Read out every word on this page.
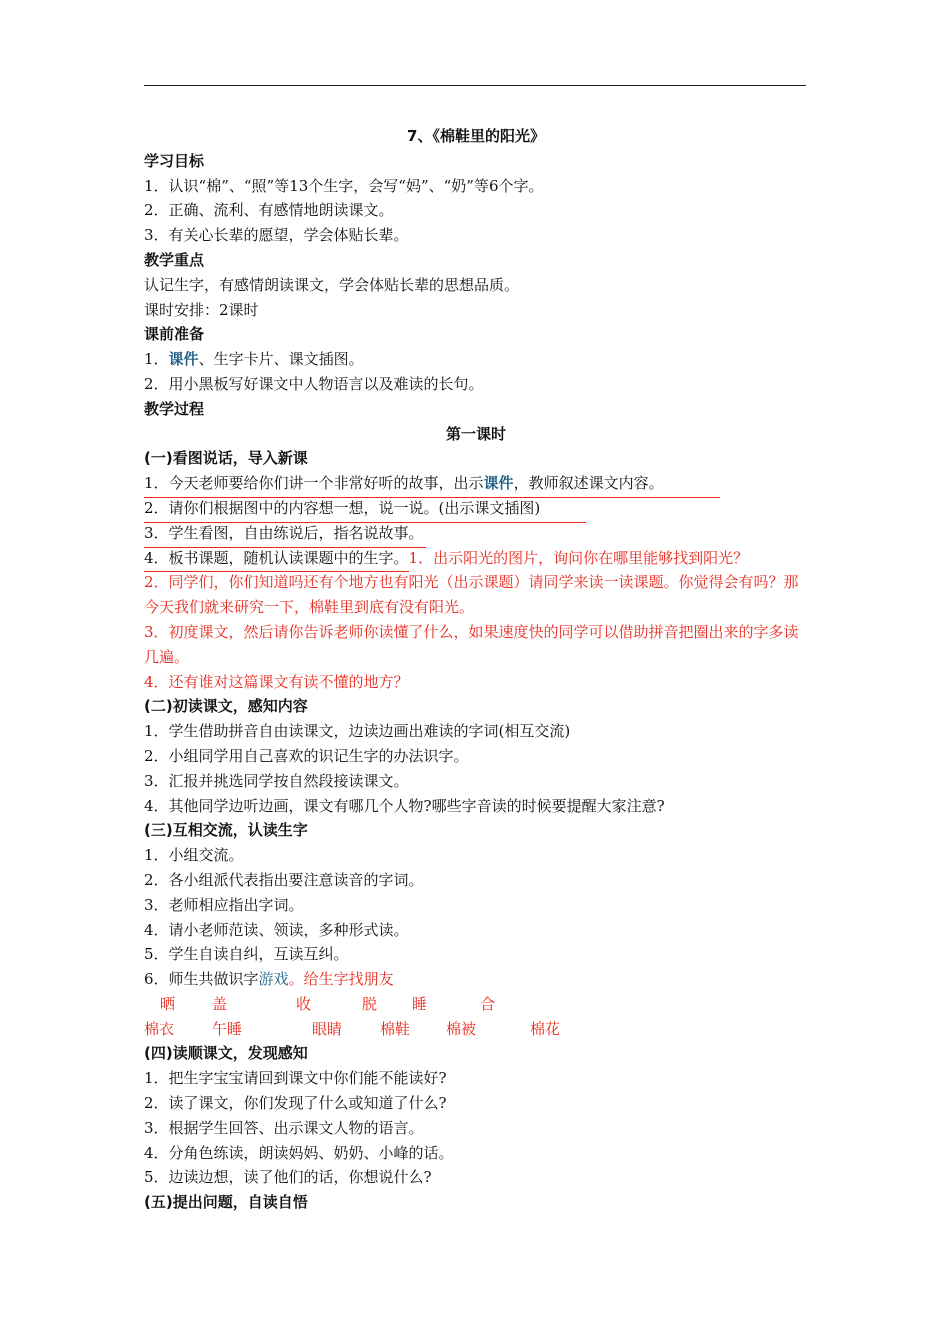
7、《棉鞋里的阳光》
学习目标
1．认识“棉”、“照”等13个生字，会写“妈”、“奶”等6个字。
2．正确、流利、有感情地朗读课文。
3．有关心长辈的愿望，学会体贴长辈。
教学重点
认记生字，有感情朗读课文，学会体贴长辈的思想品质。
课时安排：2课时
课前准备
1．课件、生字卡片、课文插图。
2．用小黑板写好课文中人物语言以及难读的长句。
教学过程
第一课时
(一)看图说话，导入新课
1．今天老师要给你们讲一个非常好听的故事，出示课件，教师叙述课文内容。
2．请你们根据图中的内容想一想，说一说。(出示课文插图)
3．学生看图，自由练说后，指名说故事。
4．板书课题，随机认读课题中的生字。1．出示阳光的图片，询问你在哪里能够找到阳光？
2．同学们，你们知道吗还有个地方也有阳光（出示课题）请同学来读一读课题。你觉得会有吗？那今天我们就来研究一下，棉鞋里到底有没有阳光。
3．初度课文，然后请你告诉老师你读懂了什么，如果速度快的同学可以借助拼音把圈出来的字多读几遍。
4．还有谁对这篇课文有读不懂的地方？
(二)初读课文，感知内容
1．学生借助拼音自由读课文，边读边画出难读的字词(相互交流)
2．小组同学用自己喜欢的识记生字的办法识字。
3．汇报并挑选同学按自然段接读课文。
4．其他同学边听边画，课文有哪几个人物?哪些字音读的时候要提醒大家注意?
(三)互相交流，认读生字
1．小组交流。
2．各小组派代表指出要注意读音的字词。
3．老师相应指出字词。
4．请小老师范读、领读，多种形式读。
5．学生自读自纠，互读互纠。
6．师生共做识字游戏。给生字找朋友
晒 盖	收	脱 睡	合
棉衣	午睡	眼睛	棉鞋 棉被	棉花
(四)读顺课文，发现感知
1．把生字宝宝请回到课文中你们能不能读好?
2．读了课文，你们发现了什么或知道了什么?
3．根据学生回答、出示课文人物的语言。
4．分角色练读，朗读妈妈、奶奶、小峰的话。
5．边读边想，读了他们的话，你想说什么?
(五)提出问题，自读自悟
